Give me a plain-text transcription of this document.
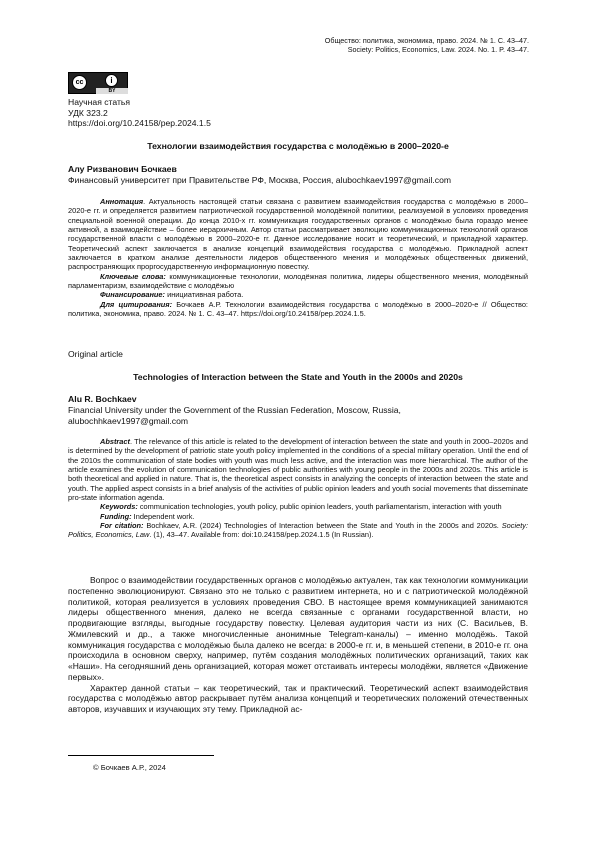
Общество: политика, экономика, право. 2024. № 1. С. 43–47.
Society: Politics, Economics, Law. 2024. No. 1. P. 43–47.
cc	i
BY
Научная статья
УДК 323.2
https://doi.org/10.24158/pep.2024.1.5
Технологии взаимодействия государства с молодёжью в 2000–2020-е
Алу Ризванович Бочкаев
Финансовый университет при Правительстве РФ, Москва, Россия, alubochkaev1997@gmail.com

Аннотация. Актуальность настоящей статьи связана с развитием взаимодействия государства с молодёжью в 2000–2020-е гг. и определяется развитием патриотической государственной молодёжной политики, реализуемой в условиях проведения специальной военной операции. До конца 2010-х гг. коммуникация государственных органов с молодёжью была гораздо менее активной, а взаимодействие – более иерархичным. Автор статьи рассматривает эволюцию коммуникационных технологий органов государственной власти с молодёжью в 2000–2020-е гг. Данное исследование носит и теоретический, и прикладной характер. Теоретический аспект заключается в анализе концепций взаимодействия государства с молодёжью. Прикладной аспект заключается в кратком анализе деятельности лидеров общественного мнения и молодёжных общественных движений, распространяющих проргосударственную информационную повестку.

Ключевые слова: коммуникационные технологии, молодёжная политика, лидеры общественного мнения, молодёжный парламентаризм, взаимодействие с молодёжью

Финансирование: инициативная работа.

Для цитирования: Бочкаев А.Р. Технологии взаимодействия государства с молодёжью в 2000–2020-е // Общество: политика, экономика, право. 2024. № 1. С. 43–47. https://doi.org/10.24158/pep.2024.1.5.

Original article
Technologies of Interaction between the State and Youth in the 2000s and 2020s
Alu R. Bochkaev
Financial University under the Government of the Russian Federation, Moscow, Russia,
alubochhkaev1997@gmail.com

Abstract. The relevance of this article is related to the development of interaction between the state and youth in 2000–2020s and is determined by the development of patriotic state youth policy implemented in the conditions of a special military operation. Until the end of the 2010s the communication of state bodies with youth was much less active, and the interaction was more hierarchical. The author of the article examines the evolution of communication technologies of public authorities with young people in the 2000s and 2020s. This article is both theoretical and applied in nature. That is, the theoretical aspect consists in analyzing the concepts of interaction between the state and youth. The applied aspect consists in a brief analysis of the activities of public opinion leaders and youth social movements that disseminate pro-state information agenda.

Keywords: communication technologies, youth policy, public opinion leaders, youth parliamentarism, interaction with youth

Funding: Independent work.

For citation: Bochkaev, A.R. (2024) Technologies of Interaction between the State and Youth in the 2000s and 2020s. Society: Politics, Economics, Law. (1), 43–47. Available from: doi:10.24158/pep.2024.1.5 (In Russian).

Вопрос о взаимодействии государственных органов с молодёжью актуален, так как технологии коммуникации постепенно эволюционируют. Связано это не только с развитием интернета, но и с патриотической молодёжной политикой, которая реализуется в условиях проведения СВО. В настоящее время коммуникацией занимаются лидеры общественного мнения, далеко не всегда связанные с органами государственной власти, но продвигающие взгляды, выгодные государству повестку. Целевая аудитория части из них (С. Васильев, В. Жмилевский и др., а также многочисленные анонимные Telegram-каналы) – именно молодёжь. Такой коммуникация государства с молодёжью была далеко не всегда: в 2000-е гг. и, в меньшей степени, в 2010-е гг. она происходила в основном сверху, например, путём создания молодёжных политических организаций, таких как «Наши». На сегодняшний день организацией, которая может отстаивать интересы молодёжи, является «Движение первых».

Характер данной статьи – как теоретический, так и практический. Теоретический аспект взаимодействия государства с молодёжью автор раскрывает путём анализа концепций и теоретических положений отечественных авторов, изучавших и изучающих эту тему. Прикладной ас-

© Бочкаев А.Р., 2024
